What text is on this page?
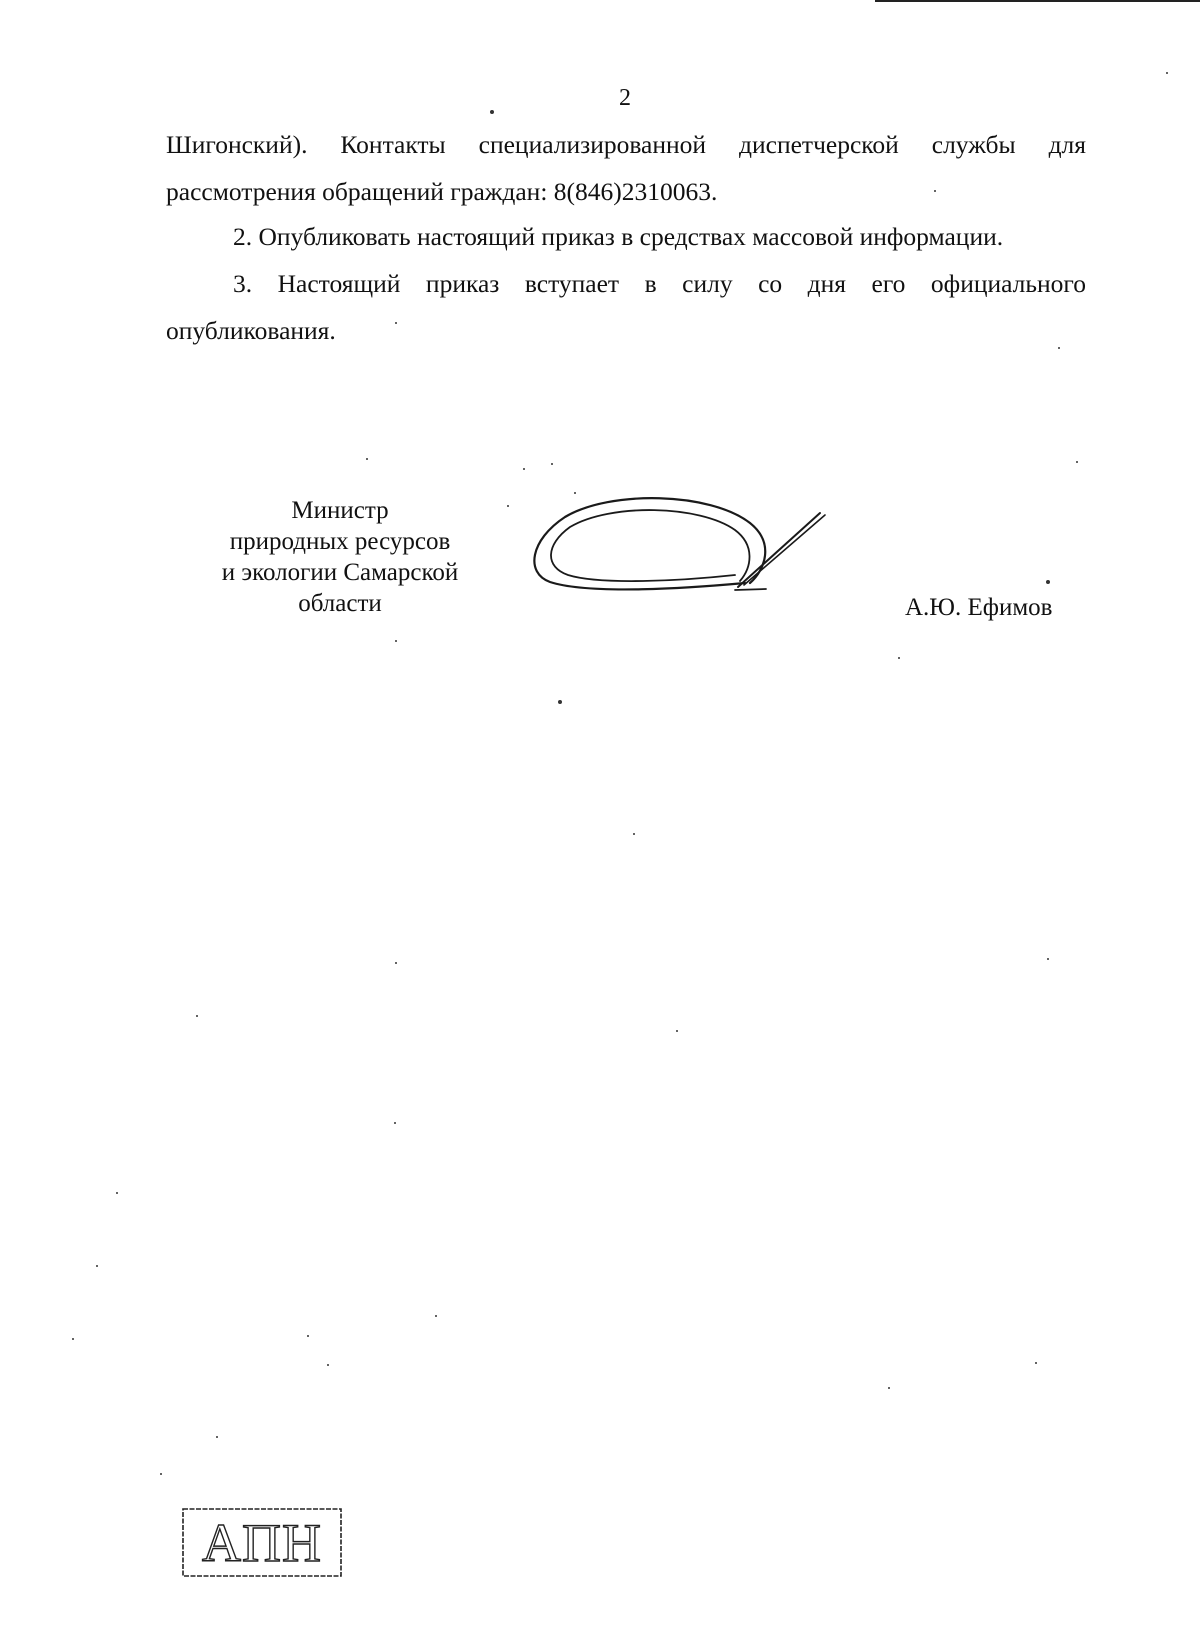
2

Шигонский). Контакты специализированной диспетчерской службы для рассмотрения обращений граждан: 8(846)2310063.

2. Опубликовать настоящий приказ в средствах массовой информации.

3. Настоящий приказ вступает в силу со дня его официального опубликования.

Министр
природных ресурсов
и экологии Самарской
области	А.Ю. Ефимов
АПН
